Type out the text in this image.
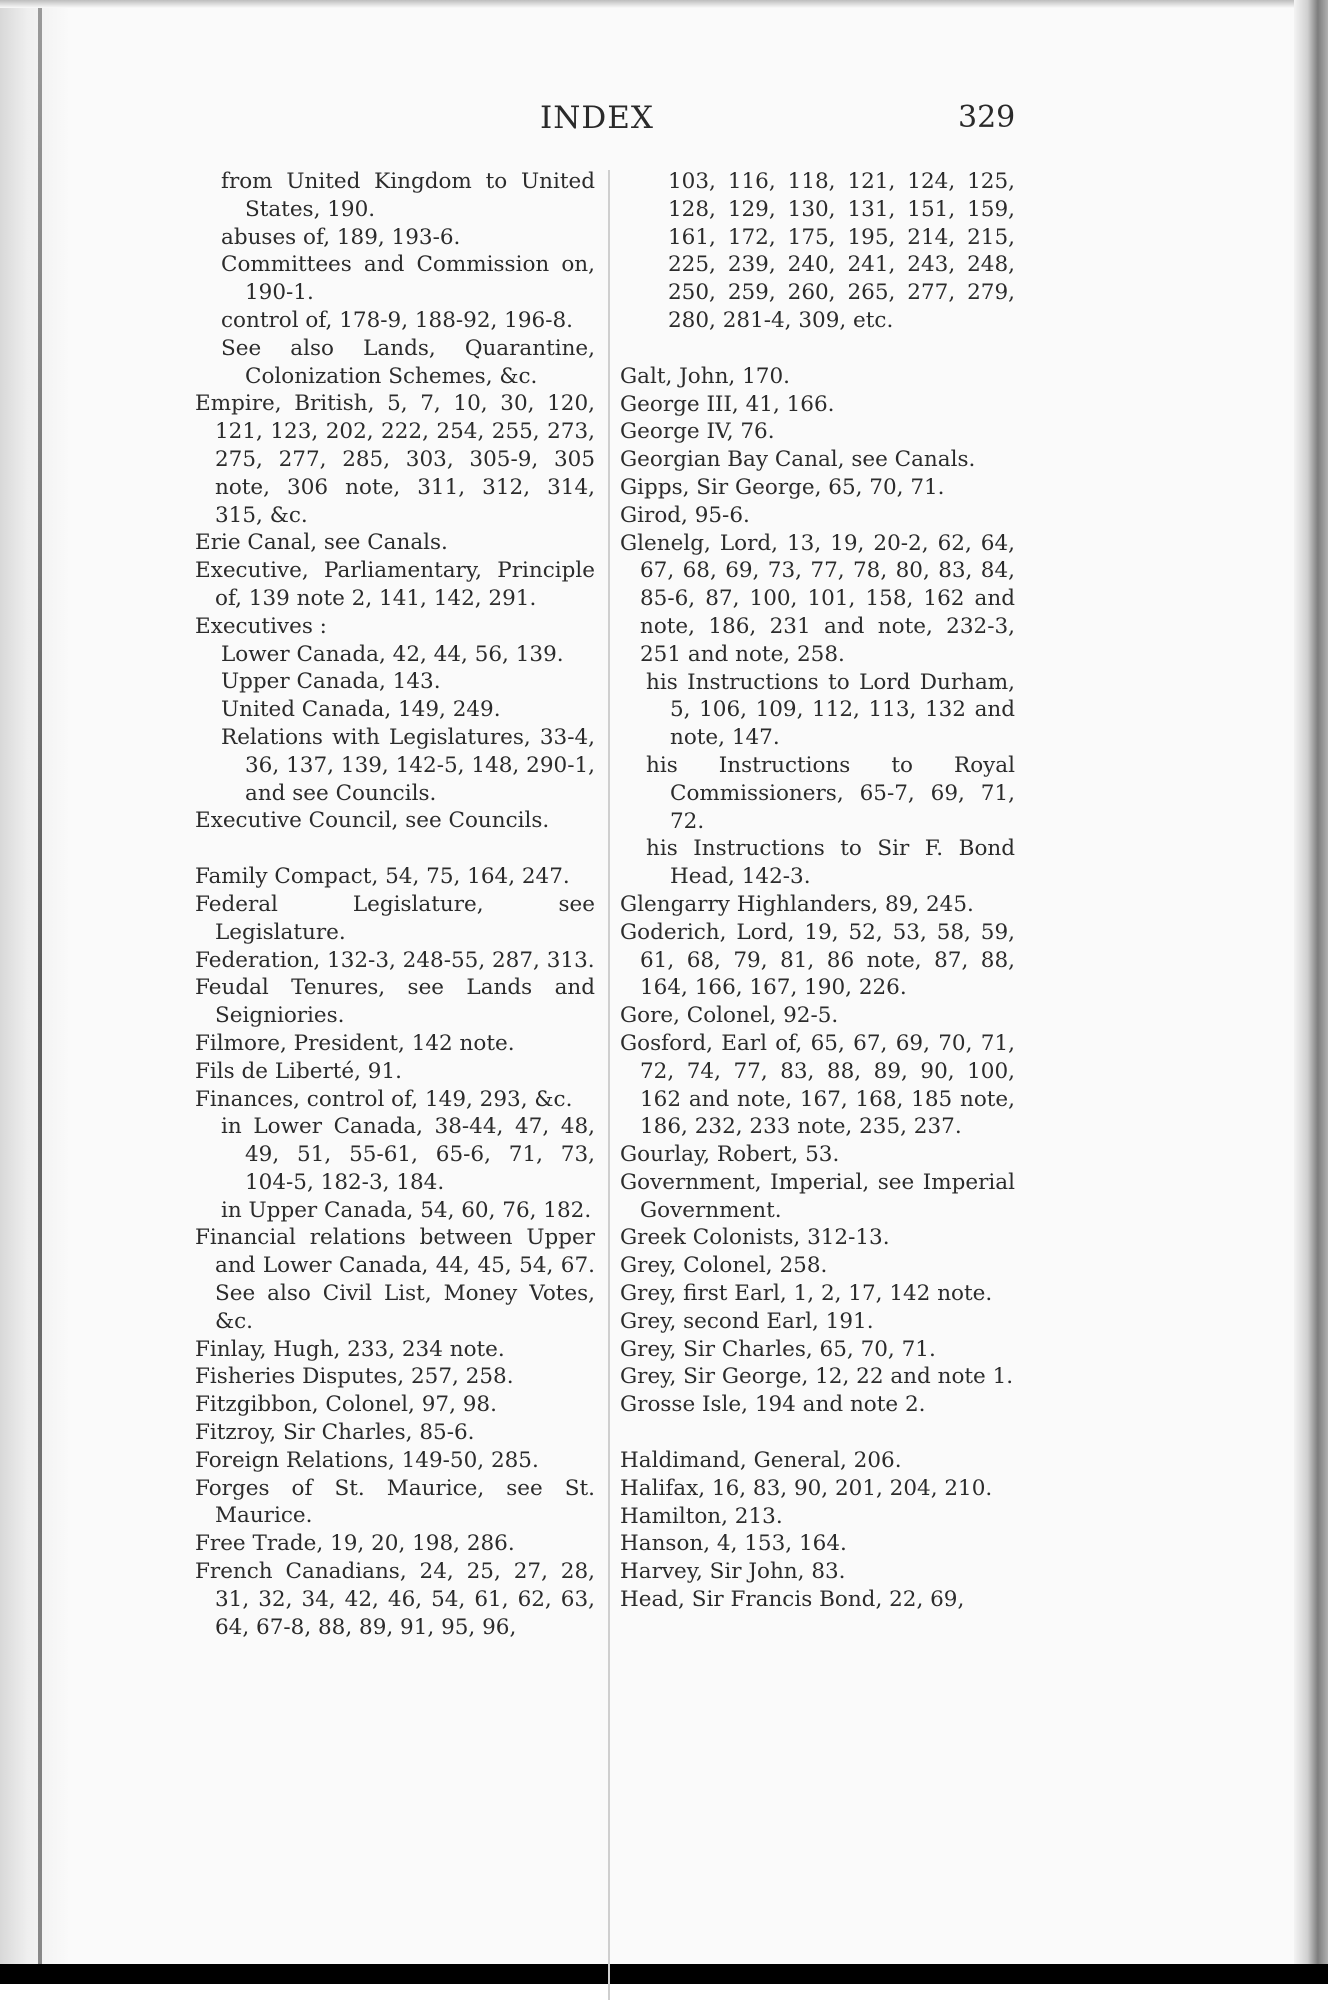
INDEX	329
from United Kingdom to United States, 190.
abuses of, 189, 193-6.
Committees and Commission on, 190-1.
control of, 178-9, 188-92, 196-8.
See also Lands, Quarantine, Colonization Schemes, &c.
Empire, British, 5, 7, 10, 30, 120, 121, 123, 202, 222, 254, 255, 273, 275, 277, 285, 303, 305-9, 305 note, 306 note, 311, 312, 314, 315, &c.
Erie Canal, see Canals.
Executive, Parliamentary, Principle of, 139 note 2, 141, 142, 291.
Executives :
Lower Canada, 42, 44, 56, 139.
Upper Canada, 143.
United Canada, 149, 249.
Relations with Legislatures, 33-4, 36, 137, 139, 142-5, 148, 290-1, and see Councils.
Executive Council, see Councils.
Family Compact, 54, 75, 164, 247.
Federal Legislature, see Legislature.
Federation, 132-3, 248-55, 287, 313.
Feudal Tenures, see Lands and Seigniories.
Filmore, President, 142 note.
Fils de Liberté, 91.
Finances, control of, 149, 293, &c.
in Lower Canada, 38-44, 47, 48, 49, 51, 55-61, 65-6, 71, 73, 104-5, 182-3, 184.
in Upper Canada, 54, 60, 76, 182.
Financial relations between Upper and Lower Canada, 44, 45, 54, 67. See also Civil List, Money Votes, &c.
Finlay, Hugh, 233, 234 note.
Fisheries Disputes, 257, 258.
Fitzgibbon, Colonel, 97, 98.
Fitzroy, Sir Charles, 85-6.
Foreign Relations, 149-50, 285.
Forges of St. Maurice, see St. Maurice.
Free Trade, 19, 20, 198, 286.
French Canadians, 24, 25, 27, 28, 31, 32, 34, 42, 46, 54, 61, 62, 63, 64, 67-8, 88, 89, 91, 95, 96,
103, 116, 118, 121, 124, 125, 128, 129, 130, 131, 151, 159, 161, 172, 175, 195, 214, 215, 225, 239, 240, 241, 243, 248, 250, 259, 260, 265, 277, 279, 280, 281-4, 309, etc.
Galt, John, 170.
George III, 41, 166.
George IV, 76.
Georgian Bay Canal, see Canals.
Gipps, Sir George, 65, 70, 71.
Girod, 95-6.
Glenelg, Lord, 13, 19, 20-2, 62, 64, 67, 68, 69, 73, 77, 78, 80, 83, 84, 85-6, 87, 100, 101, 158, 162 and note, 186, 231 and note, 232-3, 251 and note, 258.
his Instructions to Lord Durham, 5, 106, 109, 112, 113, 132 and note, 147.
his Instructions to Royal Commissioners, 65-7, 69, 71, 72.
his Instructions to Sir F. Bond Head, 142-3.
Glengarry Highlanders, 89, 245.
Goderich, Lord, 19, 52, 53, 58, 59, 61, 68, 79, 81, 86 note, 87, 88, 164, 166, 167, 190, 226.
Gore, Colonel, 92-5.
Gosford, Earl of, 65, 67, 69, 70, 71, 72, 74, 77, 83, 88, 89, 90, 100, 162 and note, 167, 168, 185 note, 186, 232, 233 note, 235, 237.
Gourlay, Robert, 53.
Government, Imperial, see Imperial Government.
Greek Colonists, 312-13.
Grey, Colonel, 258.
Grey, first Earl, 1, 2, 17, 142 note.
Grey, second Earl, 191.
Grey, Sir Charles, 65, 70, 71.
Grey, Sir George, 12, 22 and note 1.
Grosse Isle, 194 and note 2.
Haldimand, General, 206.
Halifax, 16, 83, 90, 201, 204, 210.
Hamilton, 213.
Hanson, 4, 153, 164.
Harvey, Sir John, 83.
Head, Sir Francis Bond, 22, 69,
